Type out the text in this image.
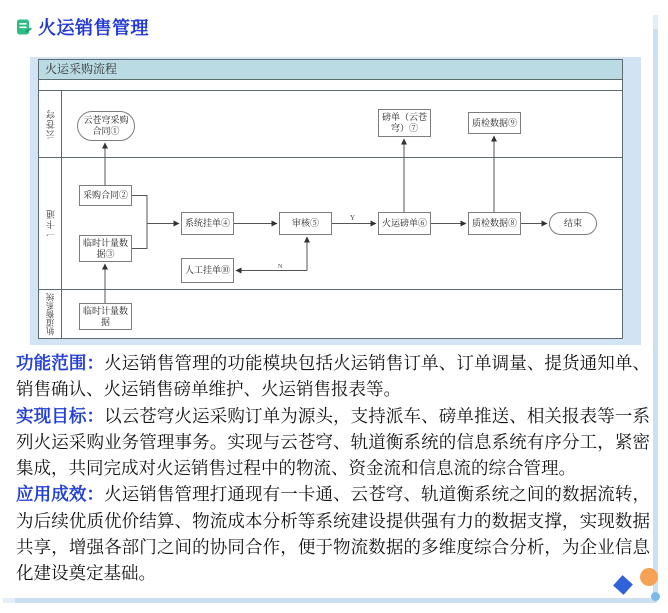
火运销售管理
火运采购流程
云苍穹
一卡通
轨道衡系统
Y
N
云苍穹采购合同①
采购合同②
临时计量数据③
系统挂单④	审核⑤
人工挂单⑩
火运磅单⑥
磅单（云苍穹）⑦
质检数据⑧
质检数据⑨
结束
临时计量数据

功能范围：火运销售管理的功能模块包括火运销售订单、订单调量、提货通知单、销售确认、火运销售磅单维护、火运销售报表等。

实现目标：以云苍穹火运采购订单为源头，支持派车、磅单推送、相关报表等一系列火运采购业务管理事务。实现与云苍穹、轨道衡系统的信息系统有序分工，紧密集成，共同完成对火运销售过程中的物流、资金流和信息流的综合管理。

应用成效：火运销售管理打通现有一卡通、云苍穹、轨道衡系统之间的数据流转，为后续优质优价结算、物流成本分析等系统建设提供强有力的数据支撑，实现数据共享，增强各部门之间的协同合作，便于物流数据的多维度综合分析，为企业信息化建设奠定基础。
